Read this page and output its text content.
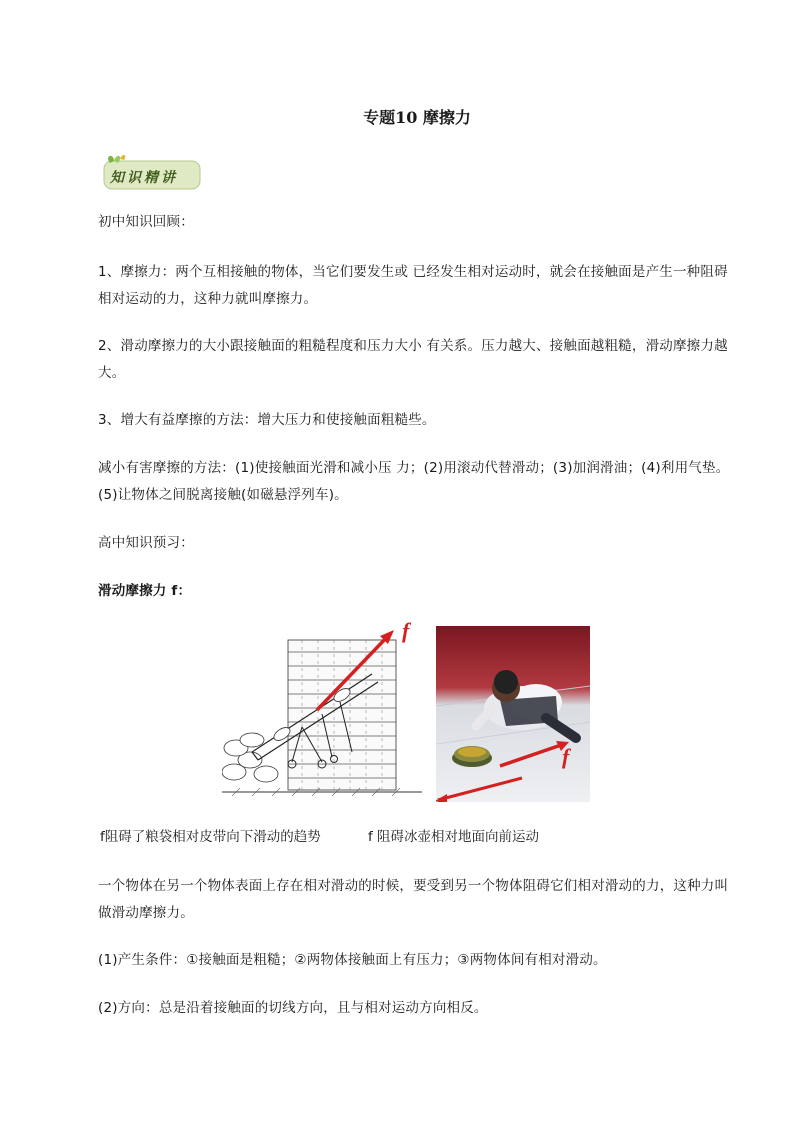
专题10 摩擦力
知识精讲

初中知识回顾：

1、摩擦力：两个互相接触的物体，当它们要发生或 已经发生相对运动时，就会在接触面是产生一种阻碍相对运动的力，这种力就叫摩擦力。

2、滑动摩擦力的大小跟接触面的粗糙程度和压力大小 有关系。压力越大、接触面越粗糙，滑动摩擦力越大。

3、增大有益摩擦的方法：增大压力和使接触面粗糙些。

减小有害摩擦的方法：(1)使接触面光滑和减小压 力；(2)用滚动代替滑动；(3)加润滑油；(4)利用气垫。(5)让物体之间脱离接触(如磁悬浮列车)。

高中知识预习：

滑动摩擦力 f：

f
f
f阻碍了粮袋相对皮带向下滑动的趋势	f 阻碍冰壶相对地面向前运动

一个物体在另一个物体表面上存在相对滑动的时候，要受到另一个物体阻碍它们相对滑动的力，这种力叫做滑动摩擦力。

(1)产生条件：①接触面是粗糙；②两物体接触面上有压力；③两物体间有相对滑动。

(2)方向：总是沿着接触面的切线方向，且与相对运动方向相反。
